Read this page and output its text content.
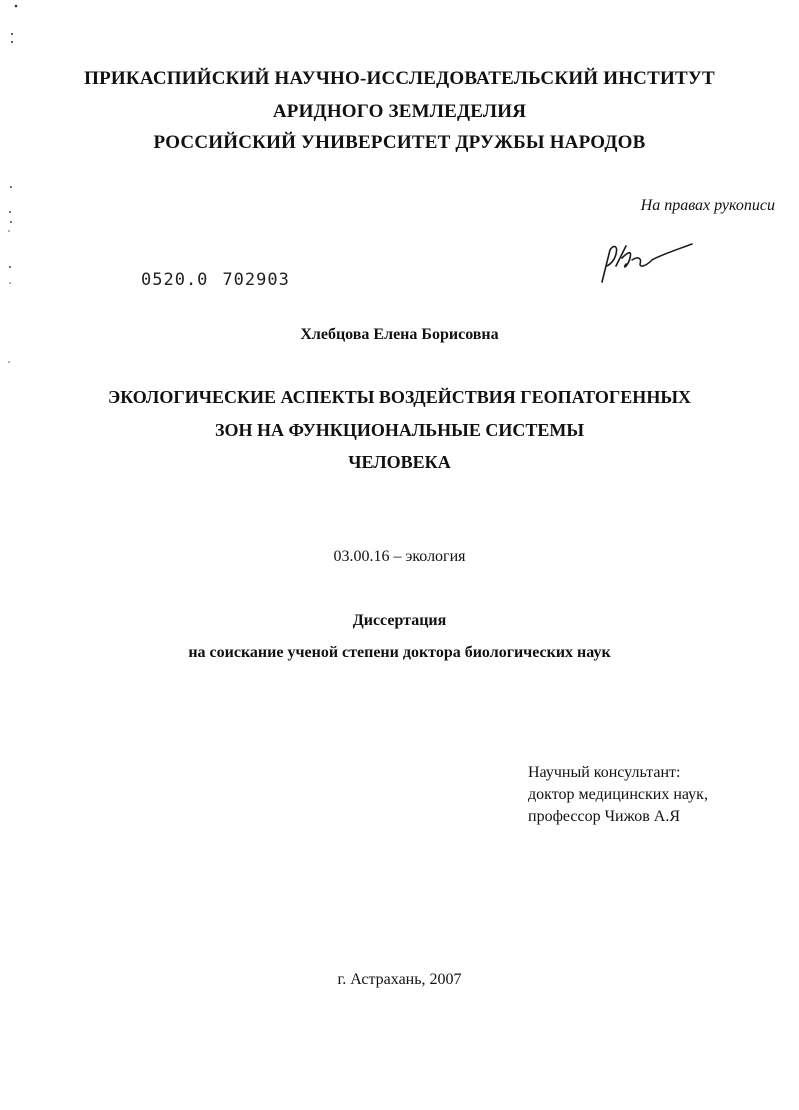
ПРИКАСПИЙСКИЙ НАУЧНО-ИССЛЕДОВАТЕЛЬСКИЙ ИНСТИТУТ
АРИДНОГО ЗЕМЛЕДЕЛИЯ
РОССИЙСКИЙ УНИВЕРСИТЕТ ДРУЖБЫ НАРОДОВ
На правах рукописи
0520.0 702903
Хлебцова Елена Борисовна
ЭКОЛОГИЧЕСКИЕ АСПЕКТЫ ВОЗДЕЙСТВИЯ ГЕОПАТОГЕННЫХ
ЗОН НА ФУНКЦИОНАЛЬНЫЕ СИСТЕМЫ
ЧЕЛОВЕКА
03.00.16 – экология
Диссертация
на соискание ученой степени доктора биологических наук
Научный консультант:
доктор медицинских наук,
профессор Чижов А.Я
г. Астрахань, 2007
